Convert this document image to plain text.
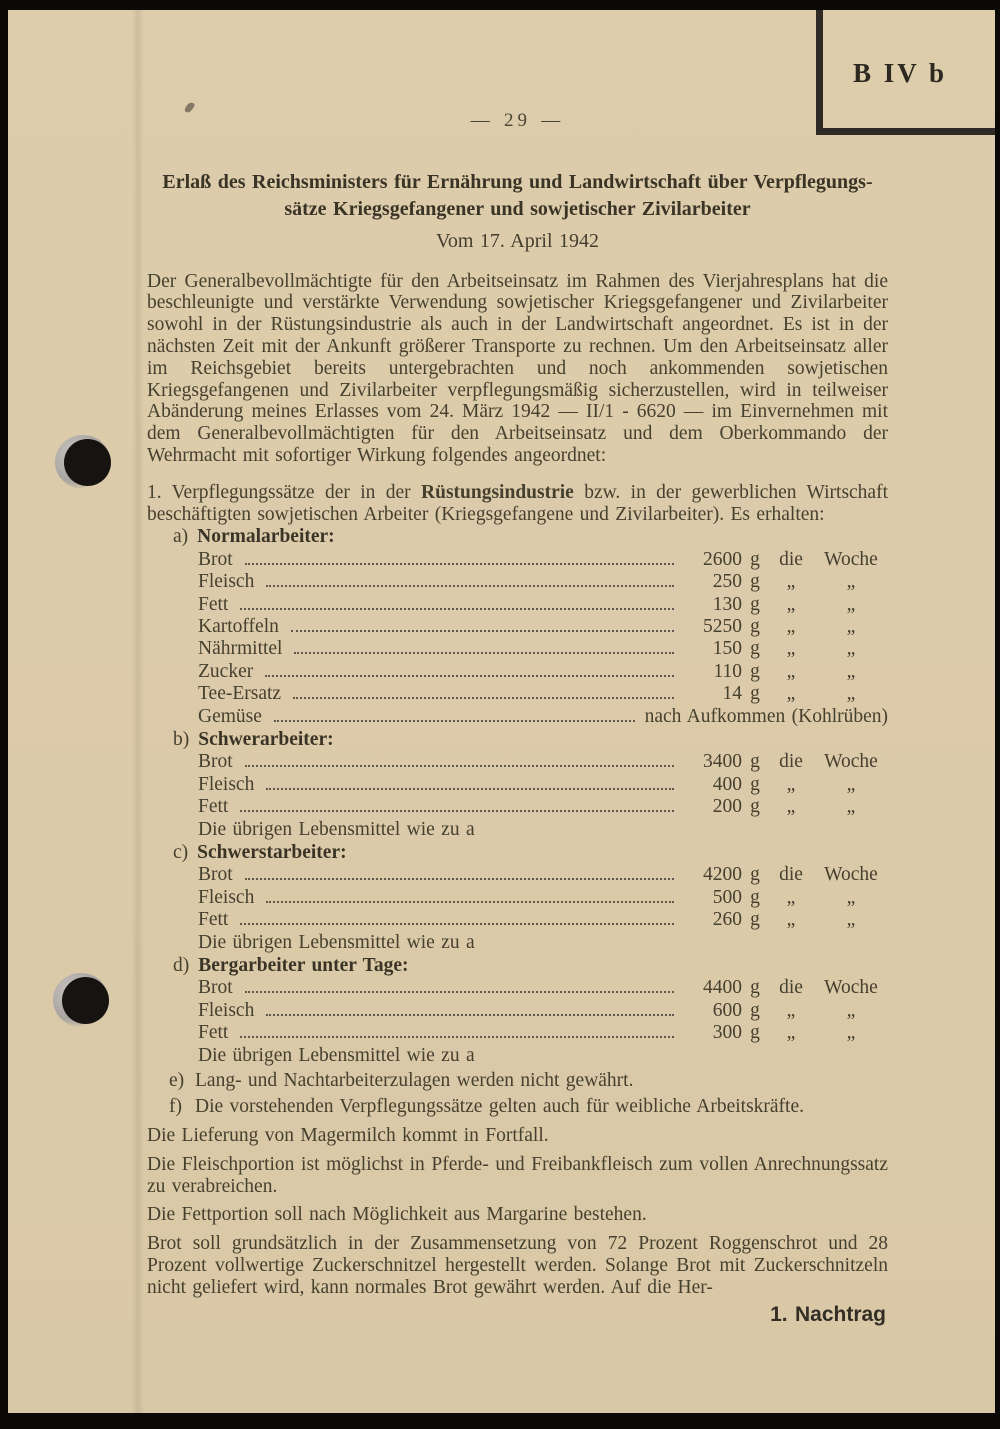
B IV b
— 29 —
Erlaß des Reichsministers für Ernährung und Landwirtschaft über Verpflegungs-
sätze Kriegsgefangener und sowjetischer Zivilarbeiter
Vom 17. April 1942
Der Generalbevollmächtigte für den Arbeitseinsatz im Rahmen des Vierjahresplans hat die beschleunigte und verstärkte Verwendung sowjetischer Kriegsgefangener und Zivilarbeiter sowohl in der Rüstungsindustrie als auch in der Landwirtschaft angeordnet. Es ist in der nächsten Zeit mit der Ankunft größerer Transporte zu rechnen. Um den Arbeitseinsatz aller im Reichsgebiet bereits untergebrachten und noch ankommenden sowjetischen Kriegsgefangenen und Zivilarbeiter verpflegungsmäßig sicherzustellen, wird in teilweiser Abänderung meines Erlasses vom 24. März 1942 — II/1 - 6620 — im Einvernehmen mit dem Generalbevollmächtigten für den Arbeitseinsatz und dem Oberkommando der Wehrmacht mit sofortiger Wirkung folgendes angeordnet:
1. Verpflegungssätze der in der Rüstungsindustrie bzw. in der gewerblichen Wirtschaft beschäftigten sowjetischen Arbeiter (Kriegsgefangene und Zivilarbeiter). Es erhalten:
a) Normalarbeiter:
Brot	2600 g die	Woche
Fleisch	250 g	„	„
Fett	130 g	„	„
Kartoffeln	5250 g	„	„
Nährmittel	150 g	„	„
Zucker	110 g	„	„
Tee-Ersatz	14 g	„	„
Gemüse	nach Aufkommen (Kohlrüben)
b) Schwerarbeiter:
Brot	3400 g die	Woche
Fleisch	400 g	„	„
Fett	200 g	„	„
Die übrigen Lebensmittel wie zu a
c) Schwerstarbeiter:
Brot	4200 g die	Woche
Fleisch	500 g	„	„
Fett	260 g	„	„
Die übrigen Lebensmittel wie zu a
d) Bergarbeiter unter Tage:
Brot	4400 g die	Woche
Fleisch	600 g	„	„
Fett	300 g	„	„
Die übrigen Lebensmittel wie zu a
e) Lang- und Nachtarbeiterzulagen werden nicht gewährt.
f) Die vorstehenden Verpflegungssätze gelten auch für weibliche Arbeitskräfte.
Die Lieferung von Magermilch kommt in Fortfall.
Die Fleischportion ist möglichst in Pferde- und Freibankfleisch zum vollen Anrechnungssatz zu verabreichen.
Die Fettportion soll nach Möglichkeit aus Margarine bestehen.
Brot soll grundsätzlich in der Zusammensetzung von 72 Prozent Roggenschrot und 28 Prozent vollwertige Zuckerschnitzel hergestellt werden. Solange Brot mit Zuckerschnitzeln nicht geliefert wird, kann normales Brot gewährt werden. Auf die Her-
1. Nachtrag
